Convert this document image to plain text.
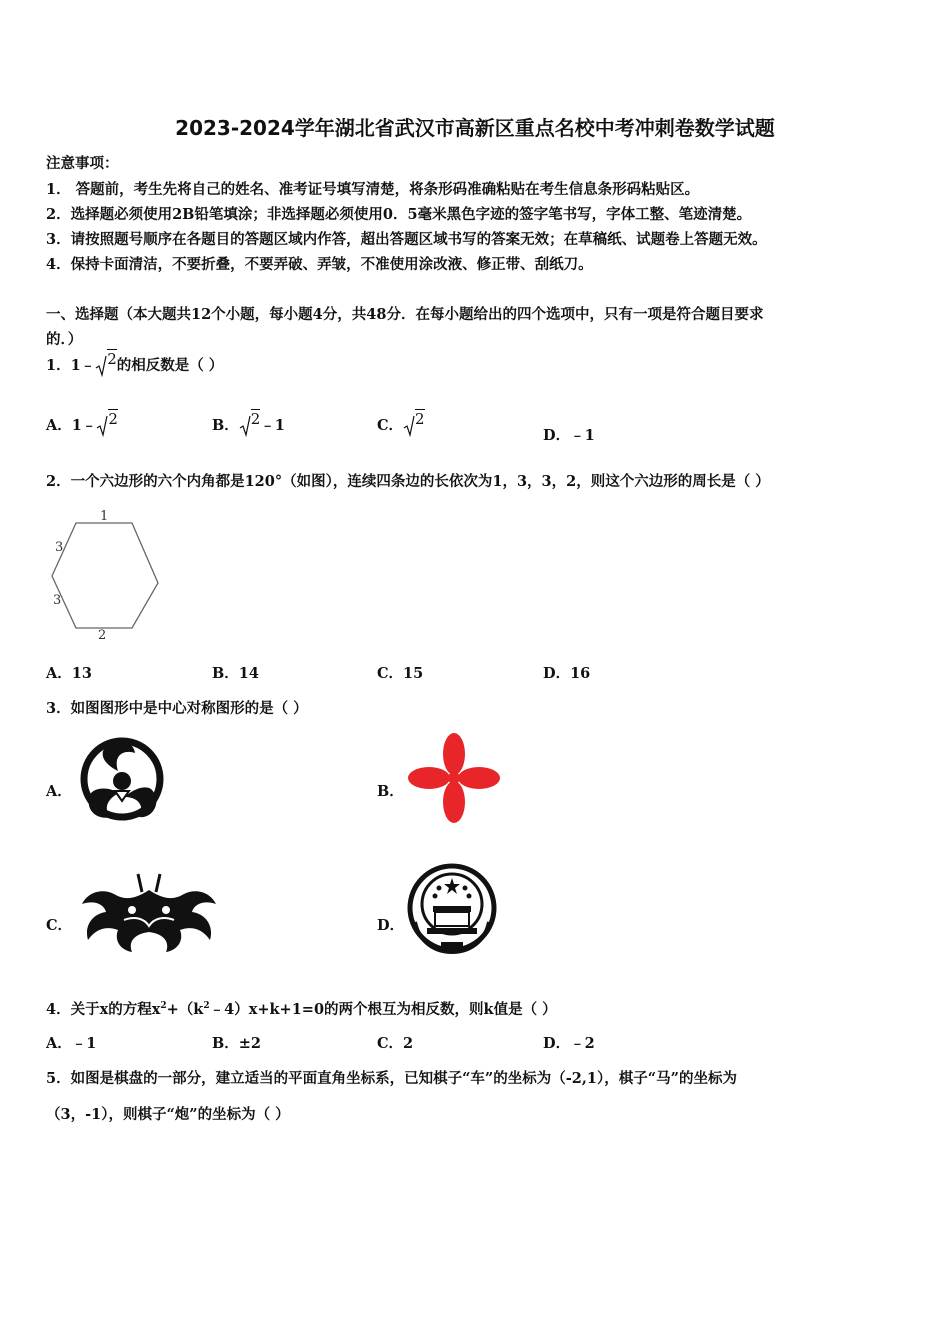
2023-2024学年湖北省武汉市高新区重点名校中考冲刺卷数学试题
注意事项：
1． 答题前，考生先将自己的姓名、准考证号填写清楚，将条形码准确粘贴在考生信息条形码粘贴区。
2．选择题必须使用2B铅笔填涂；非选择题必须使用0．5毫米黑色字迹的签字笔书写，字体工整、笔迹清楚。
3．请按照题号顺序在各题目的答题区域内作答，超出答题区域书写的答案无效；在草稿纸、试题卷上答题无效。
4．保持卡面清洁，不要折叠，不要弄破、弄皱，不准使用涂改液、修正带、刮纸刀。
一、选择题（本大题共12个小题，每小题4分，共48分．在每小题给出的四个选项中，只有一项是符合题目要求
的．）
1．1﹣ 2的相反数是（ ）
A．1﹣ 2	B． 2﹣1	C． 2
D．﹣1
2．一个六边形的六个内角都是120°（如图），连续四条边的长依次为1，3，3，2，则这个六边形的周长是（ ）
1
3
3
2
A．13	B．14	C．15	D．16
3．如图图形中是中心对称图形的是（ ）
A．	B．
C．	D．
4．关于x的方程$x^2+(k^2﹣4)x+k+1=0$的两个根互为相反数，则k值是（ ）
A．﹣1	B．±2	C．2	D．﹣2
5．如图是棋盘的一部分，建立适当的平面直角坐标系，已知棋子“车”的坐标为（-2,1），棋子“马”的坐标为
（3，-1），则棋子“炮”的坐标为（ ）
